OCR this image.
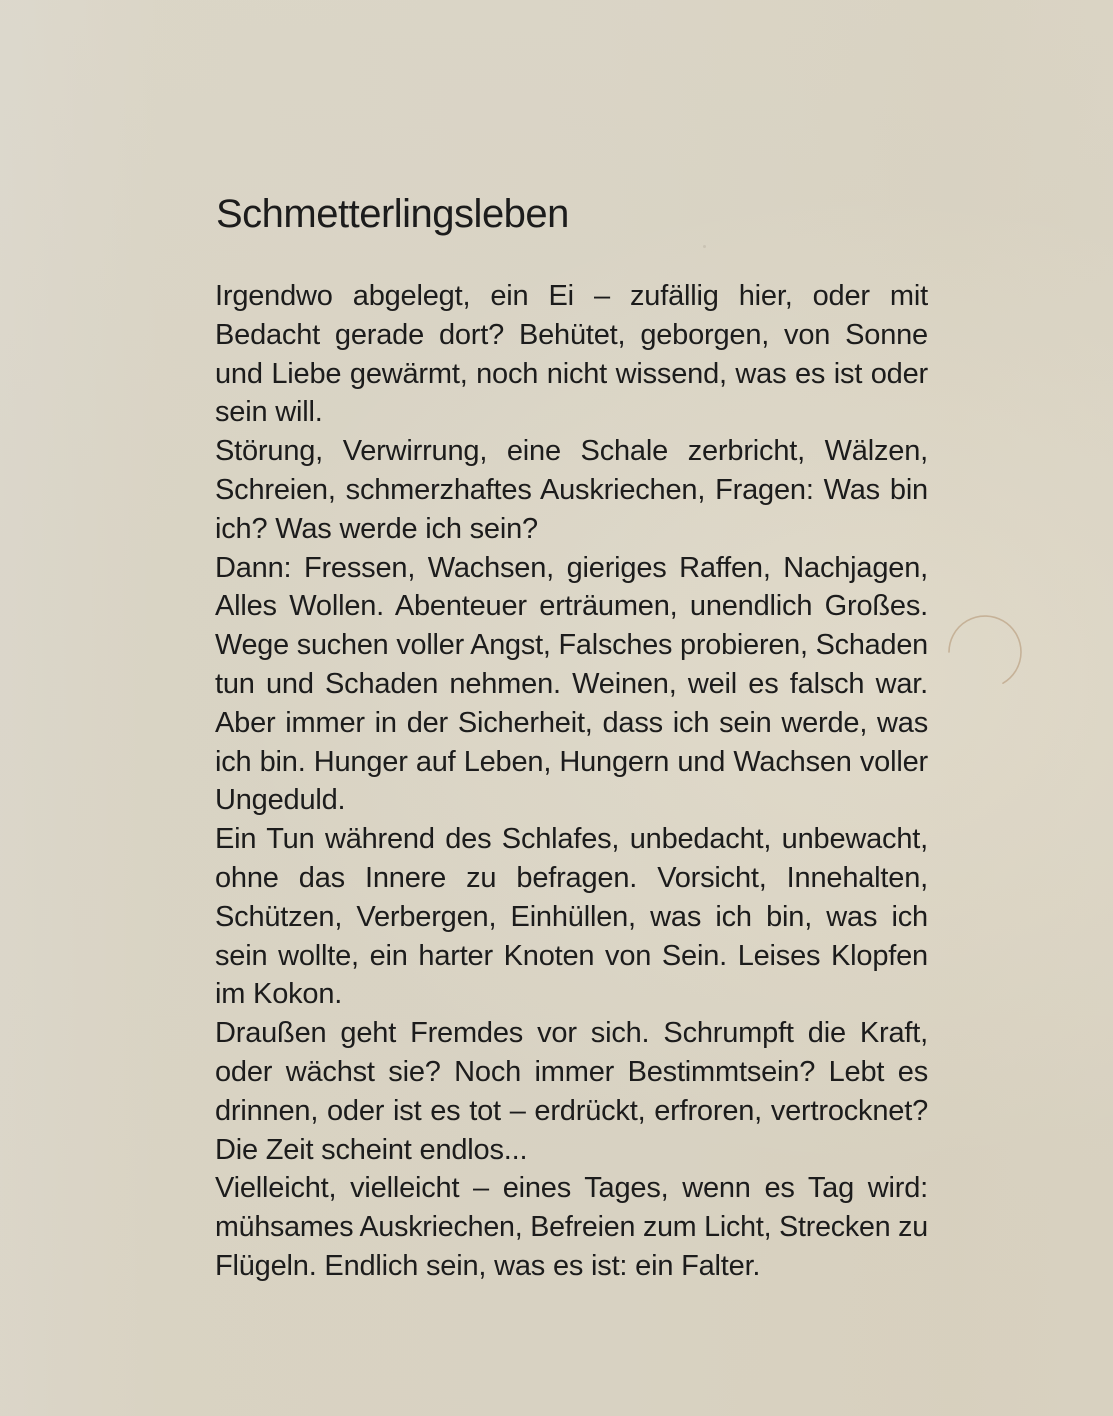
Schmetterlingsleben
Irgendwo abgelegt, ein Ei – zufällig hier, oder mit
Bedacht gerade dort? Behütet, geborgen, von Sonne
und Liebe gewärmt, noch nicht wissend, was es ist oder
sein will.
Störung, Verwirrung, eine Schale zerbricht, Wälzen,
Schreien, schmerzhaftes Auskriechen, Fragen: Was bin
ich? Was werde ich sein?
Dann: Fressen, Wachsen, gieriges Raffen, Nachjagen,
Alles Wollen. Abenteuer erträumen, unendlich Großes.
Wege suchen voller Angst, Falsches probieren, Schaden
tun und Schaden nehmen. Weinen, weil es falsch war.
Aber immer in der Sicherheit, dass ich sein werde, was
ich bin. Hunger auf Leben, Hungern und Wachsen voller
Ungeduld.
Ein Tun während des Schlafes, unbedacht, unbewacht,
ohne das Innere zu befragen. Vorsicht, Innehalten,
Schützen, Verbergen, Einhüllen, was ich bin, was ich
sein wollte, ein harter Knoten von Sein. Leises Klopfen
im Kokon.
Draußen geht Fremdes vor sich. Schrumpft die Kraft,
oder wächst sie? Noch immer Bestimmtsein? Lebt es
drinnen, oder ist es tot – erdrückt, erfroren, vertrocknet?
Die Zeit scheint endlos...
Vielleicht, vielleicht – eines Tages, wenn es Tag wird:
mühsames Auskriechen, Befreien zum Licht, Strecken zu
Flügeln. Endlich sein, was es ist: ein Falter.
